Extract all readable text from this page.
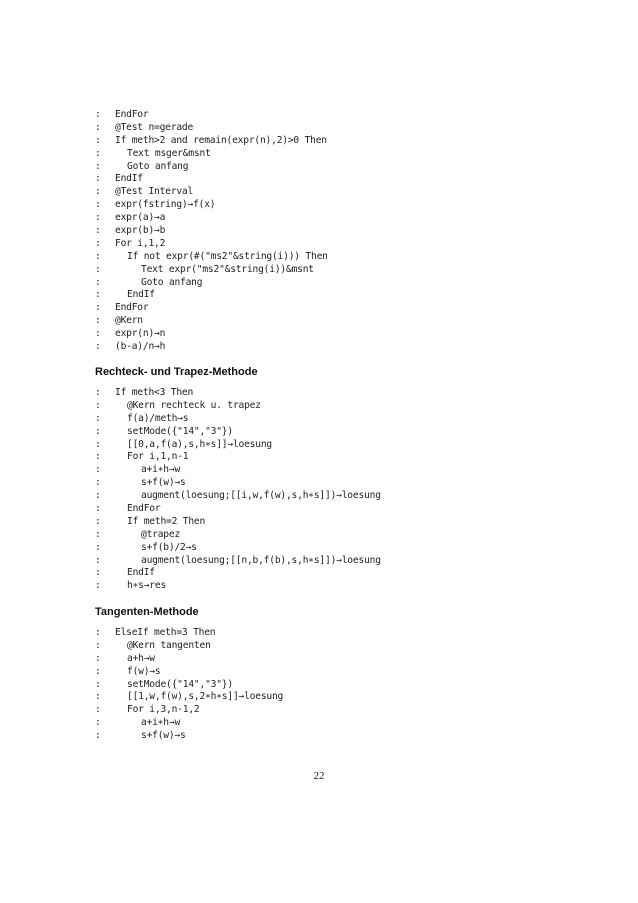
:	EndFor
:	@Test n=gerade
:	If meth>2 and remain(expr(n),2)>0 Then
:	Text msger&msnt
:	Goto anfang
:	EndIf
:	@Test Interval
:	expr(fstring)→f(x)
:	expr(a)→a
:	expr(b)→b
:	For i,1,2
:	If not expr(#("ms2"&string(i))) Then
:	Text expr("ms2"&string(i))&msnt
:	Goto anfang
:	EndIf
:	EndFor
:	@Kern
:	expr(n)→n
:	(b-a)/n→h
Rechteck- und Trapez-Methode
:	If meth<3 Then
:	@Kern rechteck u. trapez
:	f(a)/meth→s
:	setMode({"14","3"})
:	[[0,a,f(a),s,h∗s]]→loesung
:	For i,1,n-1
:	a+i∗h→w
:	s+f(w)→s
:	augment(loesung;[[i,w,f(w),s,h∗s]])→loesung
:	EndFor
:	If meth=2 Then
:	@trapez
:	s+f(b)/2→s
:	augment(loesung;[[n,b,f(b),s,h∗s]])→loesung
:	EndIf
:	h∗s→res
Tangenten-Methode
:	ElseIf meth=3 Then
:	@Kern tangenten
:	a+h→w
:	f(w)→s
:	setMode({"14","3"})
:	[[1,w,f(w),s,2∗h∗s]]→loesung
:	For i,3,n-1,2
:	a+i∗h→w
:	s+f(w)→s
22
